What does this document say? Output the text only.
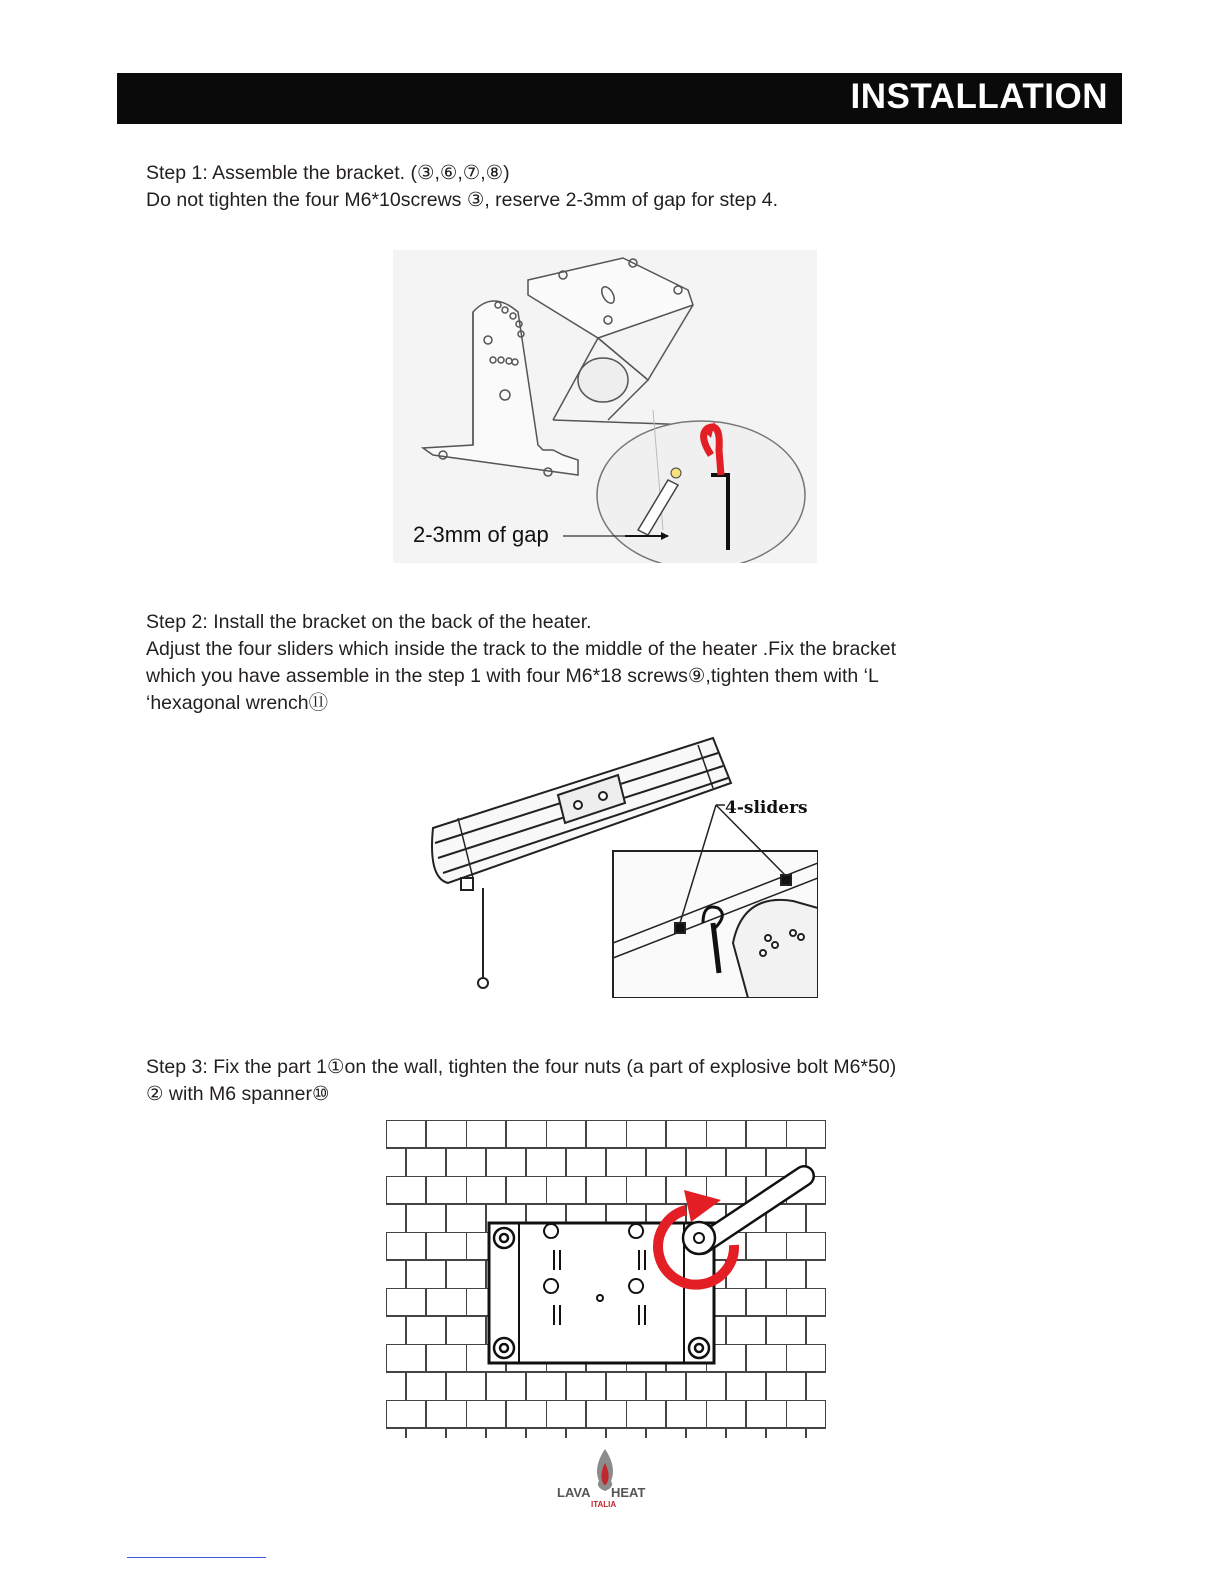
INSTALLATION

Step 1: Assemble the bracket. (③,⑥,⑦,⑧)

Do not tighten the four M6*10screws ③, reserve 2-3mm of gap for step 4.

2-3mm of gap

Step 2: Install the bracket on the back of the heater.

Adjust the four sliders which inside the track to the middle of the heater .Fix the bracket

which you have assemble in the step 1 with four M6*18 screws⑨,tighten them with ‘L

‘hexagonal wrench⑪

4-sliders

Step 3: Fix the part 1①on the wall, tighten the four nuts (a part of explosive bolt M6*50)

② with M6 spanner⑩

LAVA HEAT
ITALIA
